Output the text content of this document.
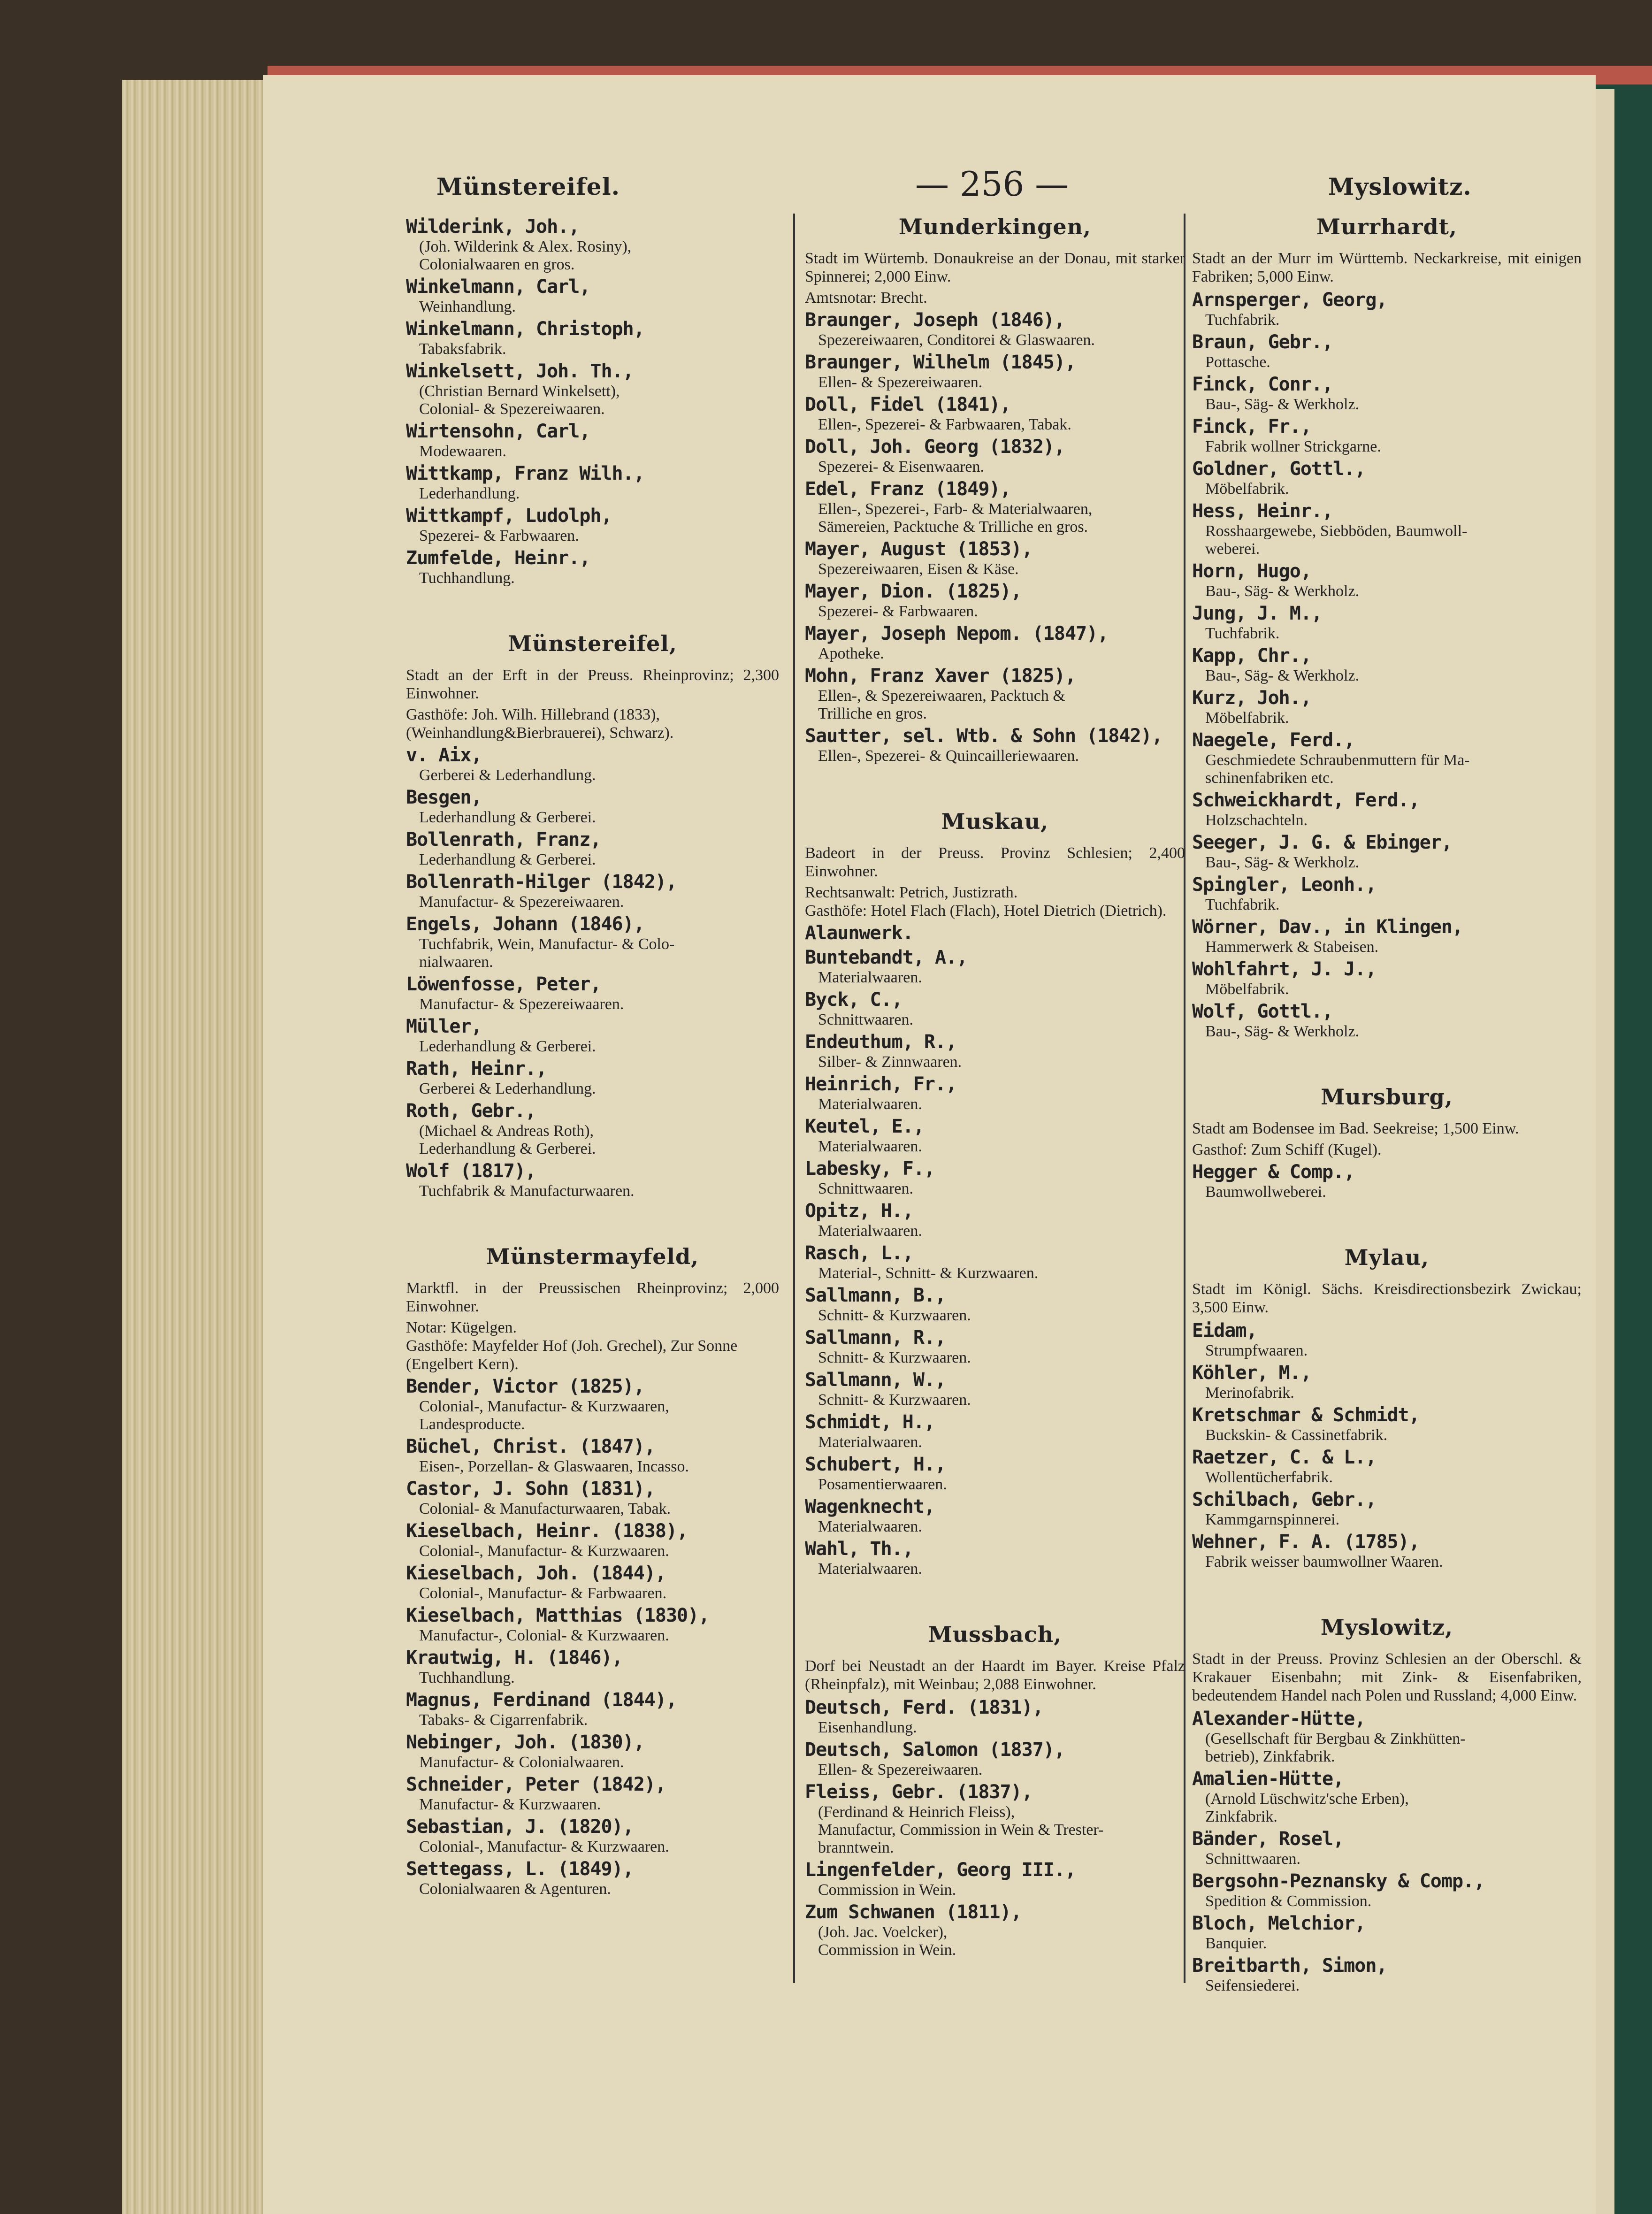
Münstereifel.	— 256 —	Myslowitz.
Wilderink, Joh.,
(Joh. Wilderink & Alex. Rosiny),
Colonialwaaren en gros.
Winkelmann, Carl,
Weinhandlung.
Winkelmann, Christoph,
Tabaksfabrik.
Winkelsett, Joh. Th.,
(Christian Bernard Winkelsett),
Colonial- & Spezereiwaaren.
Wirtensohn, Carl,
Modewaaren.
Wittkamp, Franz Wilh.,
Lederhandlung.
Wittkampf, Ludolph,
Spezerei- & Farbwaaren.
Zumfelde, Heinr.,
Tuchhandlung.
Münstereifel,
Stadt an der Erft in der Preuss. Rheinprovinz; 2,300 Einwohner.
Gasthöfe: Joh. Wilh. Hillebrand (1833), (Weinhandlung&Bierbrauerei), Schwarz).
v. Aix,
Gerberei & Lederhandlung.
Besgen,
Lederhandlung & Gerberei.
Bollenrath, Franz,
Lederhandlung & Gerberei.
Bollenrath-Hilger (1842),
Manufactur- & Spezereiwaaren.
Engels, Johann (1846),
Tuchfabrik, Wein, Manufactur- & Colo-
nialwaaren.
Löwenfosse, Peter,
Manufactur- & Spezereiwaaren.
Müller,
Lederhandlung & Gerberei.
Rath, Heinr.,
Gerberei & Lederhandlung.
Roth, Gebr.,
(Michael & Andreas Roth),
Lederhandlung & Gerberei.
Wolf (1817),
Tuchfabrik & Manufacturwaaren.
Münstermayfeld,
Marktfl. in der Preussischen Rheinprovinz; 2,000 Einwohner.
Notar: Kügelgen.
Gasthöfe: Mayfelder Hof (Joh. Grechel), Zur Sonne (Engelbert Kern).
Bender, Victor (1825),
Colonial-, Manufactur- & Kurzwaaren,
Landesproducte.
Büchel, Christ. (1847),
Eisen-, Porzellan- & Glaswaaren, Incasso.
Castor, J. Sohn (1831),
Colonial- & Manufacturwaaren, Tabak.
Kieselbach, Heinr. (1838),
Colonial-, Manufactur- & Kurzwaaren.
Kieselbach, Joh. (1844),
Colonial-, Manufactur- & Farbwaaren.
Kieselbach, Matthias (1830),
Manufactur-, Colonial- & Kurzwaaren.
Krautwig, H. (1846),
Tuchhandlung.
Magnus, Ferdinand (1844),
Tabaks- & Cigarrenfabrik.
Nebinger, Joh. (1830),
Manufactur- & Colonialwaaren.
Schneider, Peter (1842),
Manufactur- & Kurzwaaren.
Sebastian, J. (1820),
Colonial-, Manufactur- & Kurzwaaren.
Settegass, L. (1849),
Colonialwaaren & Agenturen.
Munderkingen,
Stadt im Würtemb. Donaukreise an der Donau, mit starker Spinnerei; 2,000 Einw.
Amtsnotar: Brecht.
Braunger, Joseph (1846),
Spezereiwaaren, Conditorei & Glaswaaren.
Braunger, Wilhelm (1845),
Ellen- & Spezereiwaaren.
Doll, Fidel (1841),
Ellen-, Spezerei- & Farbwaaren, Tabak.
Doll, Joh. Georg (1832),
Spezerei- & Eisenwaaren.
Edel, Franz (1849),
Ellen-, Spezerei-, Farb- & Materialwaaren,
Sämereien, Packtuche & Trilliche en gros.
Mayer, August (1853),
Spezereiwaaren, Eisen & Käse.
Mayer, Dion. (1825),
Spezerei- & Farbwaaren.
Mayer, Joseph Nepom. (1847),
Apotheke.
Mohn, Franz Xaver (1825),
Ellen-, & Spezereiwaaren, Packtuch &
Trilliche en gros.
Sautter, sel. Wtb. & Sohn (1842),
Ellen-, Spezerei- & Quincailleriewaaren.
Muskau,
Badeort in der Preuss. Provinz Schlesien; 2,400 Einwohner.
Rechtsanwalt: Petrich, Justizrath.
Gasthöfe: Hotel Flach (Flach), Hotel Dietrich (Dietrich).
Alaunwerk.
Buntebandt, A.,
Materialwaaren.
Byck, C.,
Schnittwaaren.
Endeuthum, R.,
Silber- & Zinnwaaren.
Heinrich, Fr.,
Materialwaaren.
Keutel, E.,
Materialwaaren.
Labesky, F.,
Schnittwaaren.
Opitz, H.,
Materialwaaren.
Rasch, L.,
Material-, Schnitt- & Kurzwaaren.
Sallmann, B.,
Schnitt- & Kurzwaaren.
Sallmann, R.,
Schnitt- & Kurzwaaren.
Sallmann, W.,
Schnitt- & Kurzwaaren.
Schmidt, H.,
Materialwaaren.
Schubert, H.,
Posamentierwaaren.
Wagenknecht,
Materialwaaren.
Wahl, Th.,
Materialwaaren.
Mussbach,
Dorf bei Neustadt an der Haardt im Bayer. Kreise Pfalz (Rheinpfalz), mit Weinbau; 2,088 Einwohner.
Deutsch, Ferd. (1831),
Eisenhandlung.
Deutsch, Salomon (1837),
Ellen- & Spezereiwaaren.
Fleiss, Gebr. (1837),
(Ferdinand & Heinrich Fleiss),
Manufactur, Commission in Wein & Trester-
branntwein.
Lingenfelder, Georg III.,
Commission in Wein.
Zum Schwanen (1811),
(Joh. Jac. Voelcker),
Commission in Wein.
Murrhardt,
Stadt an der Murr im Württemb. Neckarkreise, mit einigen Fabriken; 5,000 Einw.
Arnsperger, Georg,
Tuchfabrik.
Braun, Gebr.,
Pottasche.
Finck, Conr.,
Bau-, Säg- & Werkholz.
Finck, Fr.,
Fabrik wollner Strickgarne.
Goldner, Gottl.,
Möbelfabrik.
Hess, Heinr.,
Rosshaargewebe, Siebböden, Baumwoll-
weberei.
Horn, Hugo,
Bau-, Säg- & Werkholz.
Jung, J. M.,
Tuchfabrik.
Kapp, Chr.,
Bau-, Säg- & Werkholz.
Kurz, Joh.,
Möbelfabrik.
Naegele, Ferd.,
Geschmiedete Schraubenmuttern für Ma-
schinenfabriken etc.
Schweickhardt, Ferd.,
Holzschachteln.
Seeger, J. G. & Ebinger,
Bau-, Säg- & Werkholz.
Spingler, Leonh.,
Tuchfabrik.
Wörner, Dav., in Klingen,
Hammerwerk & Stabeisen.
Wohlfahrt, J. J.,
Möbelfabrik.
Wolf, Gottl.,
Bau-, Säg- & Werkholz.
Mursburg,
Stadt am Bodensee im Bad. Seekreise; 1,500 Einw.
Gasthof: Zum Schiff (Kugel).
Hegger & Comp.,
Baumwollweberei.
Mylau,
Stadt im Königl. Sächs. Kreisdirectionsbezirk Zwickau; 3,500 Einw.
Eidam,
Strumpfwaaren.
Köhler, M.,
Merinofabrik.
Kretschmar & Schmidt,
Buckskin- & Cassinetfabrik.
Raetzer, C. & L.,
Wollentücherfabrik.
Schilbach, Gebr.,
Kammgarnspinnerei.
Wehner, F. A. (1785),
Fabrik weisser baumwollner Waaren.
Myslowitz,
Stadt in der Preuss. Provinz Schlesien an der Oberschl. & Krakauer Eisenbahn; mit Zink- & Eisenfabriken, bedeutendem Handel nach Polen und Russland; 4,000 Einw.
Alexander-Hütte,
(Gesellschaft für Bergbau & Zinkhütten-
betrieb), Zinkfabrik.
Amalien-Hütte,
(Arnold Lüschwitz'sche Erben),
Zinkfabrik.
Bänder, Rosel,
Schnittwaaren.
Bergsohn-Peznansky & Comp.,
Spedition & Commission.
Bloch, Melchior,
Banquier.
Breitbarth, Simon,
Seifensiederei.
